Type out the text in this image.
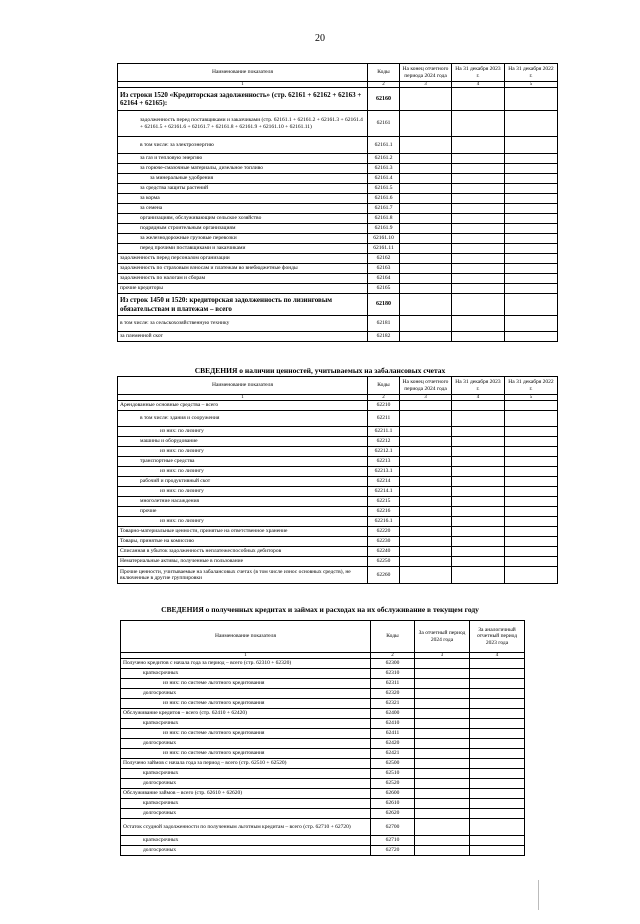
20
Наименование показателя	Коды	На конец отчетного периода 2024 года	На 31 декабря 2023 г.	На 31 декабря 2022 г.
1	2	3	4	5
Из строки 1520 «Кредиторская задолженность» (стр. 62161 + 62162 + 62163 + 62164 + 62165):	62160			
задолженность перед поставщиками и заказчиками (стр. 62161.1 + 62161.2 + 62161.3 + 62161.4 + 62161.5 + 62161.6 + 62161.7 + 62161.8 + 62161.9 + 62161.10 + 62161.11)	62161			
в том числе: за электроэнергию	62161.1			
за газ и тепловую энергию	62161.2			
за горюче-смазочные материалы, дизельное топливо	62161.3			
за минеральные удобрения	62161.4			
за средства защиты растений	62161.5			
за корма	62161.6			
за семена	62161.7			
организациям, обслуживающим сельское хозяйство	62161.8			
подрядным строительным организациям	62161.9			
за железнодорожные грузовые перевозки	62161.10			
перед прочими поставщиками и заказчиками	62161.11			
задолженность перед персоналом организации	62162			
задолженность по страховым взносам и платежам во внебюджетные фонды	62163			
задолженность по налогам и сборам	62164			
прочие кредиторы	62165			
Из строк 1450 и 1520: кредиторская задолженность по лизинговым обязательствам и платежам – всего	62180			
в том числе: за сельскохозяйственную технику	62181			
за племенной скот	62182			
СВЕДЕНИЯ о наличии ценностей, учитываемых на забалансовых счетах
Наименование показателя	Коды	На конец отчетного периода 2024 года	На 31 декабря 2023 г.	На 31 декабря 2022 г.
1	2	3	4	5
Арендованные основные средства – всего	62210			
в том числе: здания и сооружения	62211			
из них: по лизингу	62211.1			
машины и оборудование	62212			
из них: по лизингу	62212.1			
транспортные средства	62213			
из них: по лизингу	62213.1			
рабочий и продуктивный скот	62214			
из них: по лизингу	62214.1			
многолетние насаждения	62215			
прочие	62216			
из них: по лизингу	62216.1			
Товарно-материальные ценности, принятые на ответственное хранение	62220			
Товары, принятые на комиссию	62230			
Списанная в убыток задолженность неплатежеспособных дебиторов	62240			
Нематериальные активы, полученные в пользование	62250			
Прочие ценности, учитываемые на забалансовых счетах (в том числе износ основных средств), не включенные в другие группировки	62260			
СВЕДЕНИЯ о полученных кредитах и займах и расходах на их обслуживание в текущем году
Наименование показателя	Коды	За отчетный период 2024 года	За аналогичный отчетный период 2023 года
1	2	3	4
Получено кредитов с начала года за период – всего (стр. 62310 + 62320)	62300		
краткосрочных	62310		
из них: по системе льготного кредитования	62311		
долгосрочных	62320		
из них: по системе льготного кредитования	62321		
Обслуживание кредитов – всего (стр. 62410 + 62420)	62400		
краткосрочных	62410		
из них: по системе льготного кредитования	62411		
долгосрочных	62420		
из них: по системе льготного кредитования	62421		
Получено займов с начала года за период – всего (стр. 62510 + 62520)	62500		
краткосрочных	62510		
долгосрочных	62520		
Обслуживание займов – всего (стр. 62610 + 62620)	62600		
краткосрочных	62610		
долгосрочных	62620		
Остаток ссудной задолженности по полученным льготным кредитам – всего (стр. 62710 + 62720)	62700		
краткосрочных	62710		
долгосрочных	62720		
